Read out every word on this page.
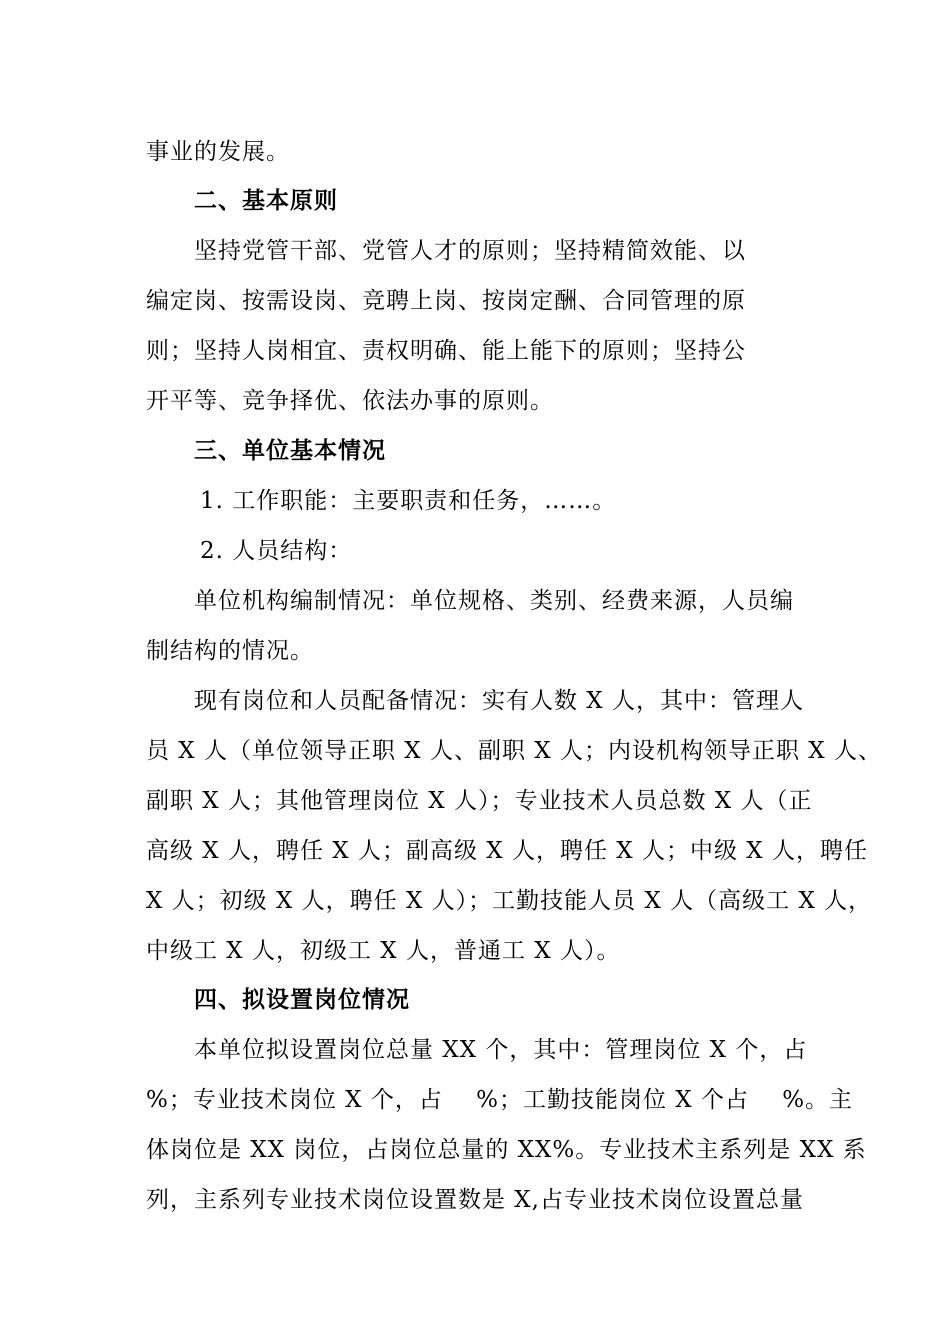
事业的发展。
二、基本原则
坚持党管干部、党管人才的原则；坚持精简效能、以
编定岗、按需设岗、竞聘上岗、按岗定酬、合同管理的原
则；坚持人岗相宜、责权明确、能上能下的原则；坚持公
开平等、竞争择优、依法办事的原则。
三、单位基本情况
1. 工作职能：主要职责和任务，……。
2. 人员结构：
单位机构编制情况：单位规格、类别、经费来源，人员编
制结构的情况。
现有岗位和人员配备情况：实有人数 X 人，其中：管理人
员 X 人（单位领导正职 X 人、副职 X 人；内设机构领导正职 X 人、
副职 X 人；其他管理岗位 X 人）；专业技术人员总数 X 人（正
高级 X 人，聘任 X 人；副高级 X 人，聘任 X 人；中级 X 人，聘任
X 人；初级 X 人，聘任 X 人）；工勤技能人员 X 人（高级工 X 人，
中级工 X 人，初级工 X 人，普通工 X 人）。
四、拟设置岗位情况
本单位拟设置岗位总量 XX 个，其中：管理岗位 X 个，占
%；专业技术岗位 X 个，占    %；工勤技能岗位 X 个占    %。主
体岗位是 XX 岗位，占岗位总量的 XX%。专业技术主系列是 XX 系
列，主系列专业技术岗位设置数是 X,占专业技术岗位设置总量
